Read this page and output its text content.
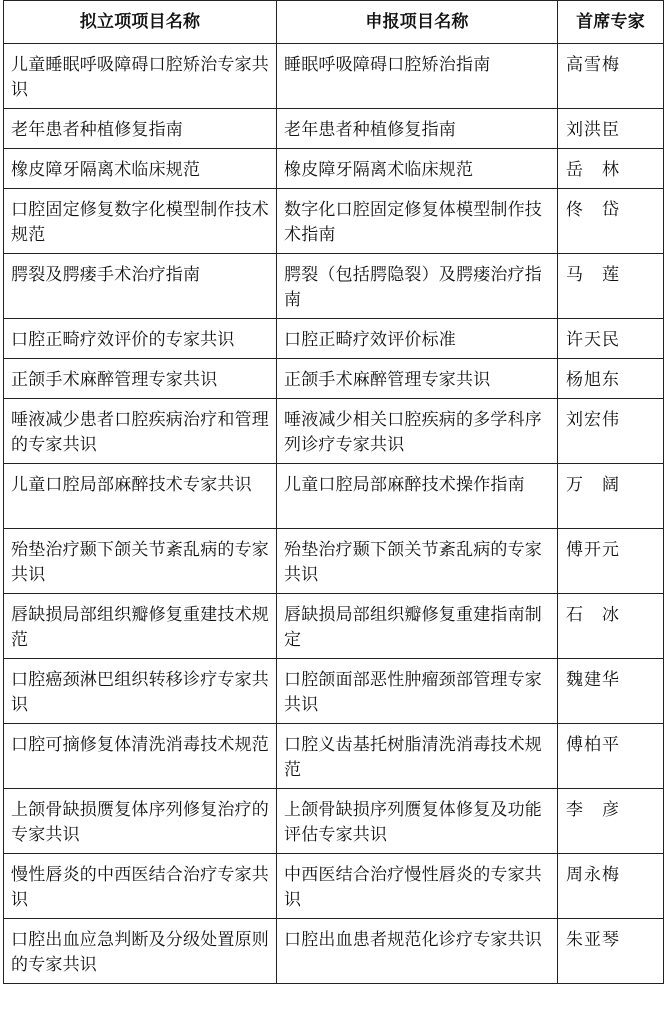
拟立项项目名称	申报项目名称	首席专家
儿童睡眠呼吸障碍口腔矫治专家共识	睡眠呼吸障碍口腔矫治指南	高雪梅
老年患者种植修复指南	老年患者种植修复指南	刘洪臣
橡皮障牙隔离术临床规范	橡皮障牙隔离术临床规范	岳　林
口腔固定修复数字化模型制作技术规范	数字化口腔固定修复体模型制作技术指南	佟　岱
腭裂及腭瘘手术治疗指南	腭裂（包括腭隐裂）及腭瘘治疗指南	马　莲
口腔正畸疗效评价的专家共识	口腔正畸疗效评价标准	许天民
正颌手术麻醉管理专家共识	正颌手术麻醉管理专家共识	杨旭东
唾液减少患者口腔疾病治疗和管理的专家共识	唾液减少相关口腔疾病的多学科序列诊疗专家共识	刘宏伟
儿童口腔局部麻醉技术专家共识	儿童口腔局部麻醉技术操作指南	万　阔
殆垫治疗颞下颌关节紊乱病的专家共识	殆垫治疗颞下颌关节紊乱病的专家共识	傅开元
唇缺损局部组织瓣修复重建技术规范	唇缺损局部组织瓣修复重建指南制定	石　冰
口腔癌颈淋巴组织转移诊疗专家共识	口腔颌面部恶性肿瘤颈部管理专家共识	魏建华
口腔可摘修复体清洗消毒技术规范	口腔义齿基托树脂清洗消毒技术规范	傅柏平
上颌骨缺损赝复体序列修复治疗的专家共识	上颌骨缺损序列赝复体修复及功能评估专家共识	李　彦
慢性唇炎的中西医结合治疗专家共识	中西医结合治疗慢性唇炎的专家共识	周永梅
口腔出血应急判断及分级处置原则的专家共识	口腔出血患者规范化诊疗专家共识	朱亚琴
